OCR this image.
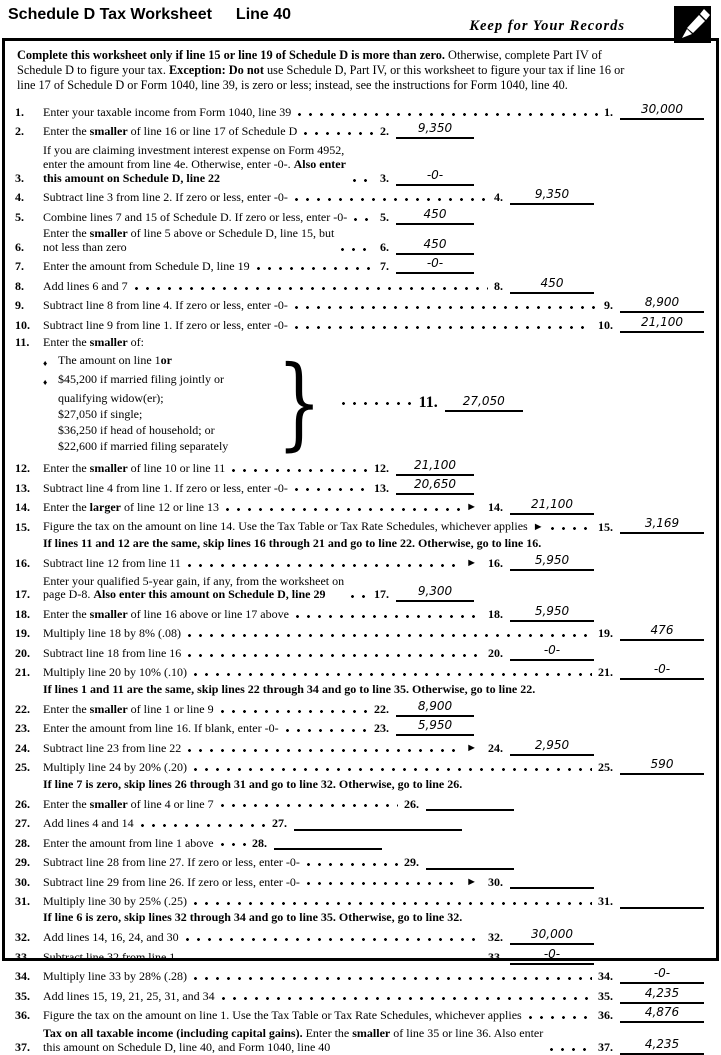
Schedule D Tax Worksheet Line 40
Keep for Your Records
Complete this worksheet only if line 15 or line 19 of Schedule D is more than zero. Otherwise, complete Part IV of
Schedule D to figure your tax. Exception: Do not use Schedule D, Part IV, or this worksheet to figure your tax if line 16 or
line 17 of Schedule D or Form 1040, line 39, is zero or less; instead, see the instructions for Form 1040, line 40.
1.	Enter your taxable income from Form 1040, line 39	1.	30,000
2.	Enter the smaller of line 16 or line 17 of Schedule D	2.	9,350
3.
If you are claiming investment interest expense on Form 4952,
enter the amount from line 4e. Otherwise, enter -0-. Also enter
this amount on Schedule D, line 22	3.	-0-
4.	Subtract line 3 from line 2. If zero or less, enter -0-	4.	9,350
5.	Combine lines 7 and 15 of Schedule D. If zero or less, enter -0-	5.	450
6.
Enter the smaller of line 5 above or Schedule D, line 15, but
not less than zero	6.	450
7.	Enter the amount from Schedule D, line 19	7.	-0-
8.	Add lines 6 and 7	8.	450
9.	Subtract line 8 from line 4. If zero or less, enter -0-	9.	8,900
10.	Subtract line 9 from line 1. If zero or less, enter -0-	10.	21,100
11.	Enter the smaller of:
♦ The amount on line 1 or
♦ $45,200 if married filing jointly or
qualifying widow(er);
$27,050 if single;
$36,250 if head of household; or
$22,600 if married filing separately }	11.	27,050
12.	Enter the smaller of line 10 or line 11	12.	21,100
13.	Subtract line 4 from line 1. If zero or less, enter -0-	13.	20,650
14.	Enter the larger of line 12 or line 13	► 14.	21,100
15.	Figure the tax on the amount on line 14. Use the Tax Table or Tax Rate Schedules, whichever applies ►	15.	3,169
If lines 11 and 12 are the same, skip lines 16 through 21 and go to line 22. Otherwise, go to line 16.
16.	Subtract line 12 from line 11	► 16.	5,950
17.
Enter your qualified 5-year gain, if any, from the worksheet on
page D-8. Also enter this amount on Schedule D, line 29	17.	9,300
18.	Enter the smaller of line 16 above or line 17 above	18.	5,950
19.	Multiply line 18 by 8% (.08)	19.	476
20.	Subtract line 18 from line 16	20.	-0-
21.	Multiply line 20 by 10% (.10)	21.	-0-
If lines 1 and 11 are the same, skip lines 22 through 34 and go to line 35. Otherwise, go to line 22.
22.	Enter the smaller of line 1 or line 9	22.	8,900
23.	Enter the amount from line 16. If blank, enter -0-	23.	5,950
24.	Subtract line 23 from line 22	► 24.	2,950
25.	Multiply line 24 by 20% (.20)	25.	590
If line 7 is zero, skip lines 26 through 31 and go to line 32. Otherwise, go to line 26.
26.	Enter the smaller of line 4 or line 7	26.
27.	Add lines 4 and 14	27.
28.	Enter the amount from line 1 above	28.
29.	Subtract line 28 from line 27. If zero or less, enter -0-	29.
30.	Subtract line 29 from line 26. If zero or less, enter -0-	► 30.
31.	Multiply line 30 by 25% (.25)	31.
If line 6 is zero, skip lines 32 through 34 and go to line 35. Otherwise, go to line 32.
32.	Add lines 14, 16, 24, and 30	32.	30,000
33.	Subtract line 32 from line 1	33.	-0-
34.	Multiply line 33 by 28% (.28)	34.	-0-
35.	Add lines 15, 19, 21, 25, 31, and 34	35.	4,235
36.	Figure the tax on the amount on line 1. Use the Tax Table or Tax Rate Schedules, whichever applies	36.	4,876
37.
Tax on all taxable income (including capital gains). Enter the smaller of line 35 or line 36. Also enter
this amount on Schedule D, line 40, and Form 1040, line 40	37.	4,235
